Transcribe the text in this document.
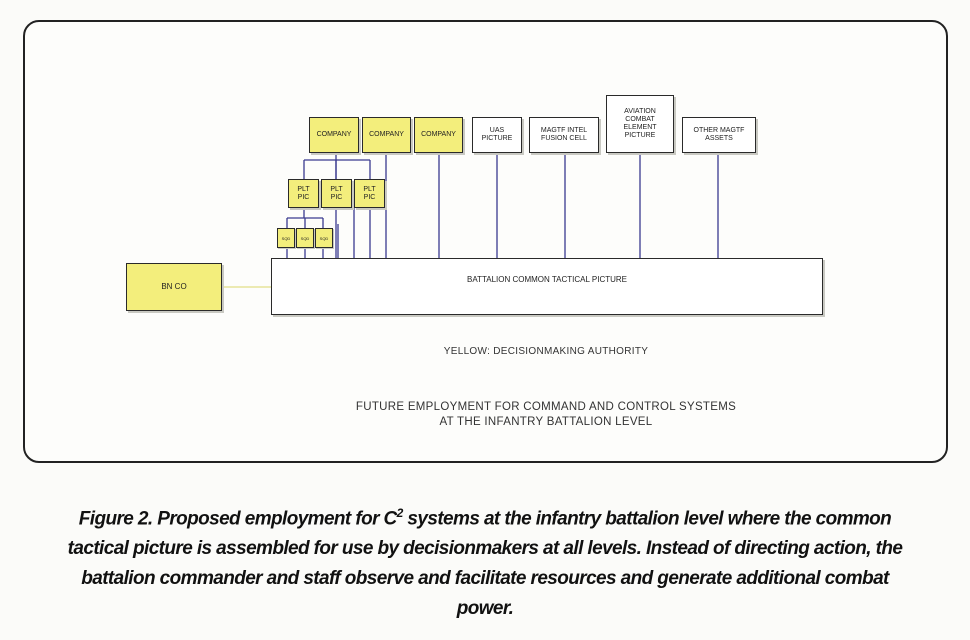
COMPANY	COMPANY COMPANY
UAS
PICTURE
MAGTF INTEL
FUSION CELL
AVIATION
COMBAT
ELEMENT
PICTURE
OTHER MAGTF
ASSETS
PLT
PIC
PLT
PIC
PLT
PIC
SQD	SQD	SQD
BN CO
BATTALION COMMON TACTICAL PICTURE
YELLOW: DECISIONMAKING AUTHORITY
FUTURE EMPLOYMENT FOR COMMAND AND CONTROL SYSTEMS
AT THE INFANTRY BATTALION LEVEL
Figure 2. Proposed employment for $C^2$ systems at the infantry battalion level where the common tactical picture is assembled for use by decisionmakers at all levels. Instead of directing action, the battalion commander and staff observe and facilitate resources and generate additional combat power.
